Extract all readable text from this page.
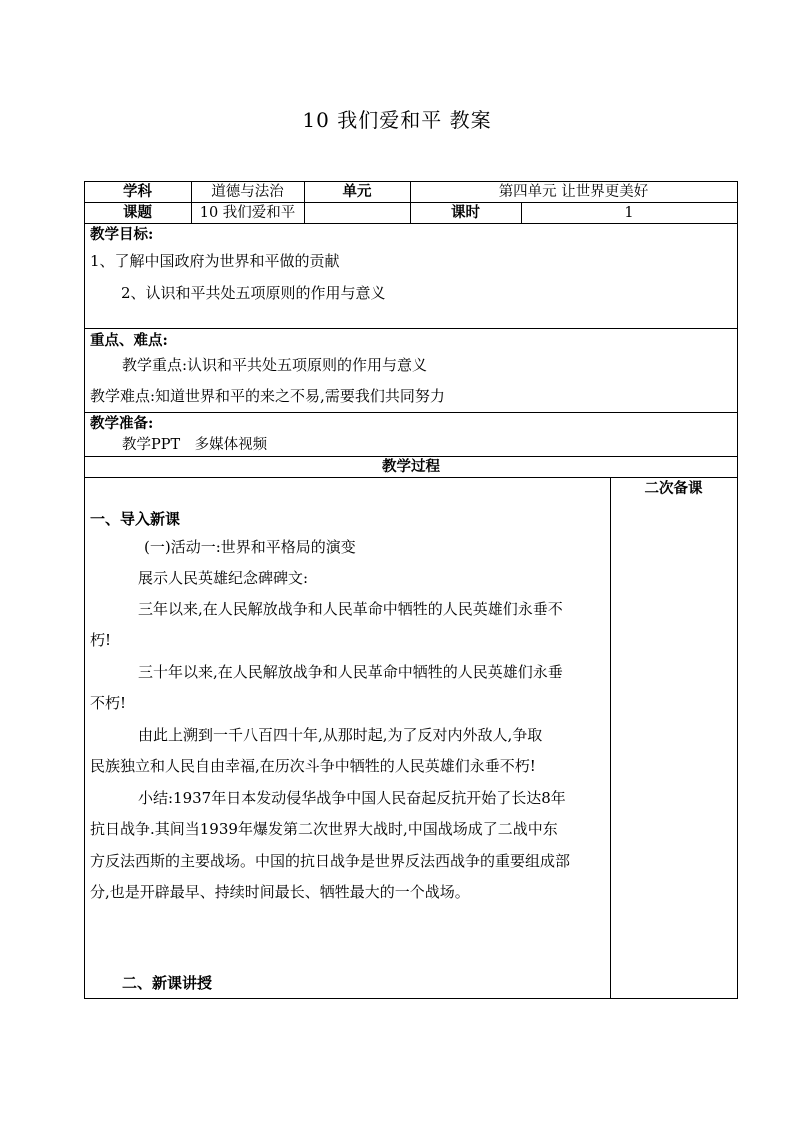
10 我们爱和平 教案
学科	道德与法治	单元	第四单元 让世界更美好
课题	10 我们爱和平	课时	1
教学目标:
1、了解中国政府为世界和平做的贡献
2、认识和平共处五项原则的作用与意义
重点、难点:
教学重点:认识和平共处五项原则的作用与意义
教学难点:知道世界和平的来之不易,需要我们共同努力
教学准备:
教学PPT　多媒体视频
教学过程
二次备课
一、导入新课
(一)活动一:世界和平格局的演变
展示人民英雄纪念碑碑文:
三年以来,在人民解放战争和人民革命中牺牲的人民英雄们永垂不
朽!
三十年以来,在人民解放战争和人民革命中牺牲的人民英雄们永垂
不朽!
由此上溯到一千八百四十年,从那时起,为了反对内外敌人,争取
民族独立和人民自由幸福,在历次斗争中牺牲的人民英雄们永垂不朽!
小结:1937年日本发动侵华战争中国人民奋起反抗开始了长达8年
抗日战争.其间当1939年爆发第二次世界大战时,中国战场成了二战中东
方反法西斯的主要战场。中国的抗日战争是世界反法西战争的重要组成部
分,也是开辟最早、持续时间最长、牺牲最大的一个战场。
二、新课讲授
